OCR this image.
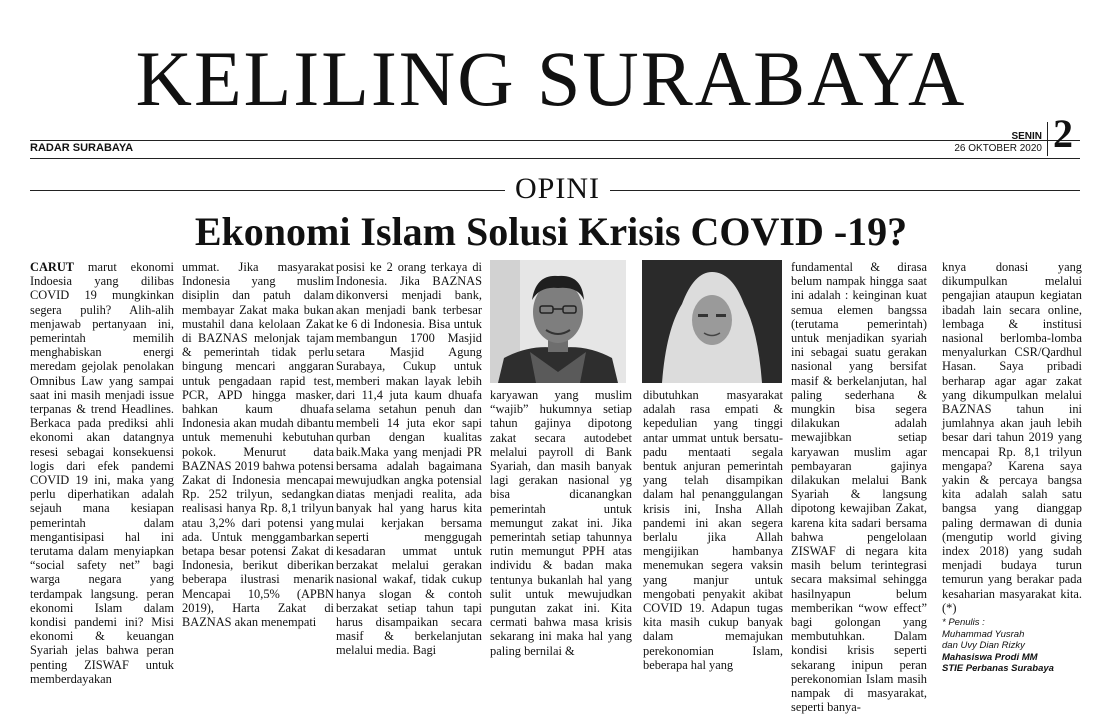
KELILING SURABAYA
RADAR SURABAYA
SENIN
26 OKTOBER 2020 2
OPINI
Ekonomi Islam Solusi Krisis COVID -19?
CARUT marut ekonomi Indoesia yang dilibas COVID 19 mungkinkan segera pulih? Alih-alih menjawab pertanyaan ini, pemerintah memilih menghabiskan energi meredam gejolak penolakan Omnibus Law yang sampai saat ini masih menjadi issue terpanas & trend Headlines. Berkaca pada prediksi ahli ekonomi akan datangnya resesi sebagai konsekuensi logis dari efek pandemi COVID 19 ini, maka yang perlu diperhatikan adalah sejauh mana kesiapan pemerintah dalam mengantisipasi hal ini terutama dalam menyiapkan “social safety net” bagi warga negara yang terdampak langsung. peran ekonomi Islam dalam kondisi pandemi ini? Misi ekonomi & keuangan Syariah jelas bahwa peran penting ZISWAF untuk memberdayakan
ummat. Jika masyarakat Indonesia yang muslim disiplin dan patuh dalam membayar Zakat maka bukan mustahil dana kelolaan Zakat di BAZNAS melonjak tajam & pemerintah tidak perlu bingung mencari anggaran untuk pengadaan rapid test, PCR, APD hingga masker, bahkan kaum dhuafa Indonesia akan mudah dibantu untuk memenuhi kebutuhan pokok. Menurut data BAZNAS 2019 bahwa potensi Zakat di Indonesia mencapai Rp. 252 trilyun, sedangkan realisasi hanya Rp. 8,1 trilyun atau 3,2% dari potensi yang ada. Untuk menggambarkan betapa besar potensi Zakat di Indonesia, berikut diberikan beberapa ilustrasi menarik Mencapai 10,5% (APBN 2019), Harta Zakat di BAZNAS akan menempati
posisi ke 2 orang terkaya di Indonesia. Jika BAZNAS dikonversi menjadi bank, akan menjadi bank terbesar ke 6 di Indonesia. Bisa untuk membangun 1700 Masjid setara Masjid Agung Surabaya, Cukup untuk memberi makan layak lebih dari 11,4 juta kaum dhuafa selama setahun penuh dan membeli 14 juta ekor sapi qurban dengan kualitas baik.Maka yang menjadi PR bersama adalah bagaimana mewujudkan angka potensial diatas menjadi realita, ada banyak hal yang harus kita mulai kerjakan bersama seperti menggugah kesadaran ummat untuk berzakat melalui gerakan nasional wakaf, tidak cukup hanya slogan & contoh berzakat setiap tahun tapi harus disampaikan secara masif & berkelanjutan melalui media. Bagi
karyawan yang muslim “wajib” hukumnya setiap tahun gajinya dipotong zakat secara autodebet melalui payroll di Bank Syariah, dan masih banyak lagi gerakan nasional yg bisa dicanangkan pemerintah untuk memungut zakat ini. Jika pemerintah setiap tahunnya rutin memungut PPH atas individu & badan maka tentunya bukanlah hal yang sulit untuk mewujudkan pungutan zakat ini. Kita cermati bahwa masa krisis sekarang ini maka hal yang paling bernilai &
dibutuhkan masyarakat adalah rasa empati & kepedulian yang tinggi antar ummat untuk bersatu-padu mentaati segala bentuk anjuran pemerintah yang telah disampikan dalam hal penanggulangan krisis ini, Insha Allah pandemi ini akan segera berlalu jika Allah mengijikan hambanya menemukan segera vaksin yang manjur untuk mengobati penyakit akibat COVID 19. Adapun tugas kita masih cukup banyak dalam memajukan perekonomian Islam, beberapa hal yang
fundamental & dirasa belum nampak hingga saat ini adalah : keinginan kuat semua elemen bangssa (terutama pemerintah) untuk menjadikan syariah ini sebagai suatu gerakan nasional yang bersifat masif & berkelanjutan, hal paling sederhana & mungkin bisa segera dilakukan adalah mewajibkan setiap karyawan muslim agar pembayaran gajinya dilakukan melalui Bank Syariah & langsung dipotong kewajiban Zakat, karena kita sadari bersama bahwa pengelolaan ZISWAF di negara kita masih belum terintegrasi secara maksimal sehingga hasilnyapun belum memberikan “wow effect” bagi golongan yang membutuhkan. Dalam kondisi krisis seperti sekarang inipun peran perekonomian Islam masih nampak di masyarakat, seperti banya-

knya donasi yang dikumpulkan melalui pengajian ataupun kegiatan ibadah lain secara online, lembaga & institusi nasional berlomba-lomba menyalurkan CSR/Qardhul Hasan. Saya pribadi berharap agar agar zakat yang dikumpulkan melalui BAZNAS tahun ini jumlahnya akan jauh lebih besar dari tahun 2019 yang mencapai Rp. 8,1 trilyun mengapa? Karena saya yakin & percaya bangsa kita adalah salah satu bangsa yang dianggap paling dermawan di dunia (mengutip world giving index 2018) yang sudah menjadi budaya turun temurun yang berakar pada kesaharian masyarakat kita. (*)

* Penulis :
Muhammad Yusrah
dan Uvy Dian Rizky
Mahasiswa Prodi MM
STIE Perbanas Surabaya
